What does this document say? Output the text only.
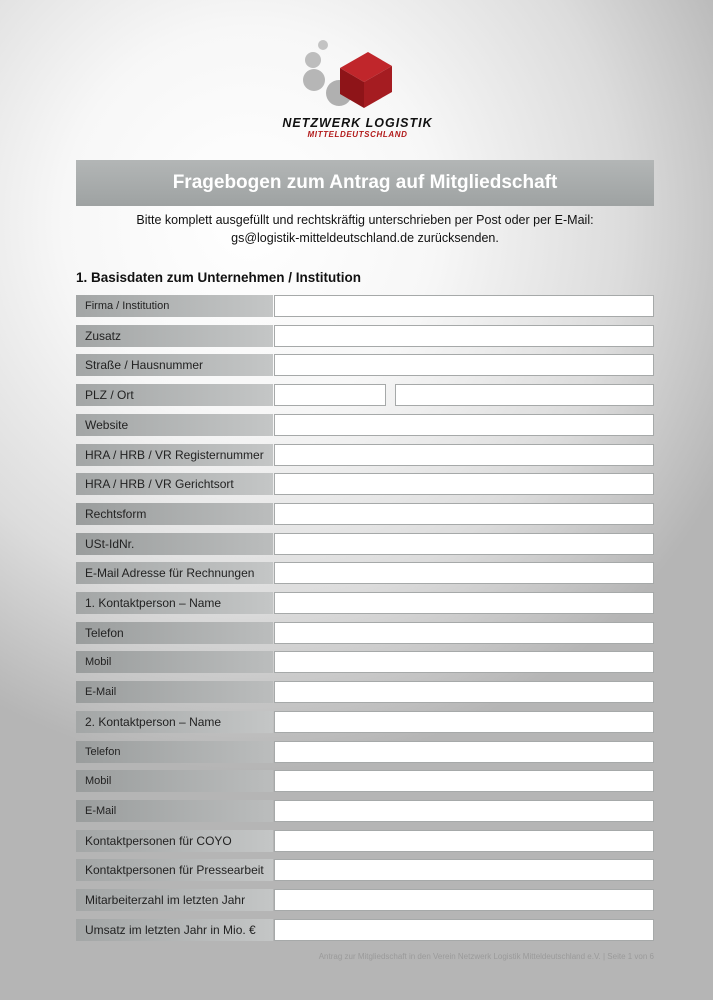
NETZWERK LOGISTIK
MITTELDEUTSCHLAND
Fragebogen zum Antrag auf Mitgliedschaft
Bitte komplett ausgefüllt und rechtskräftig unterschrieben per Post oder per E-Mail:
gs@logistik-mitteldeutschland.de zurücksenden.
1. Basisdaten zum Unternehmen / Institution
Firma / Institution
Zusatz
Straße / Hausnummer
PLZ / Ort
Website
HRA / HRB / VR Registernummer
HRA / HRB / VR Gerichtsort
Rechtsform
USt-IdNr.
E-Mail Adresse für Rechnungen
1. Kontaktperson – Name
Telefon
Mobil
E-Mail
2. Kontaktperson – Name
Telefon
Mobil
E-Mail
Kontaktpersonen für COYO
Kontaktpersonen für Pressearbeit
Mitarbeiterzahl im letzten Jahr
Umsatz im letzten Jahr in Mio. €
Antrag zur Mitgliedschaft in den Verein Netzwerk Logistik Mitteldeutschland e.V. | Seite 1 von 6
